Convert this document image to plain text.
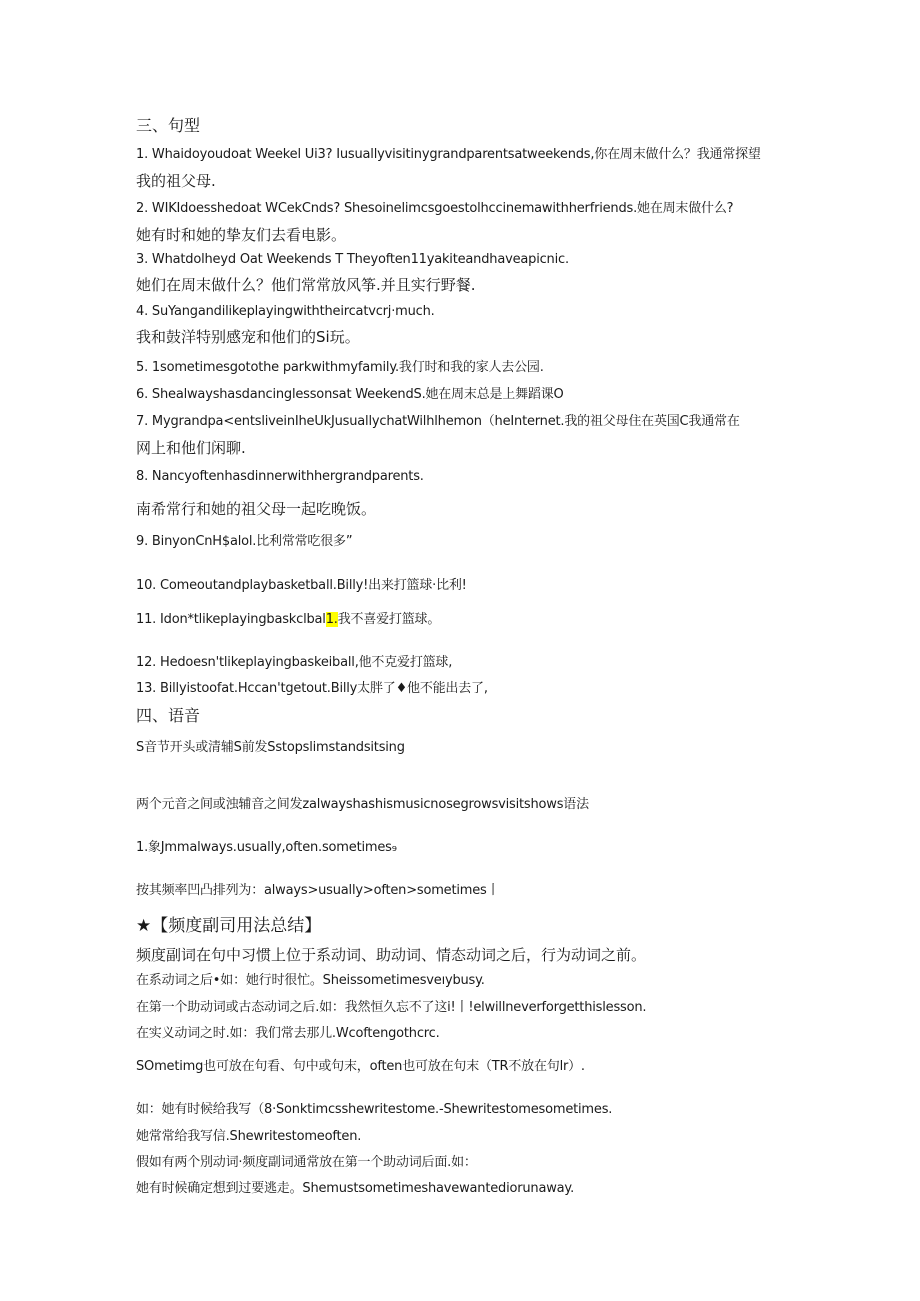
三、句型
1. Whaidoyoudoat Weekel Ui3? Iusuallyvisitinygrandparentsatweekends,你在周末做什么？我通常探望
我的祖父母.
2. WIKIdoesshedoat WCekCnds? Shesoinelimcsgoestolhccinemawithherfriends.她在周末做什么?
她有时和她的挚友们去看电影。
3. Whatdolheyd Oat Weekends T Theyoften11yakiteandhaveapicnic.
她们在周末做什么？他们常常放风筝.并且实行野餐.
4. SuYangandilikeplayingwiththeircatvcrj·much.
我和鼓洋特别感宠和他们的Si玩。
5. 1sometimesgotothe parkwithmyfamily.我仃时和我的家人去公园.
6. Shealwayshasdancinglessonsat WeekendS.她在周末总是上舞蹈课O
7. Mygrandpa<entsliveinIheUkJusuallychatWilhlhemon（heInternet.我的祖父母住在英国C我通常在
网上和他们闲聊.
8. Nancyoftenhasdinnerwithhergrandparents.
南希常行和她的祖父母一起吃晚饭。
9. BinyonCnH$alol.比利常常吃很多”
10. Comeoutandplaybasketball.Billy!出来打篮球·比利!
11. Idon*tlikeplayingbaskclbal1.我不喜爱打篮球。
12. Hedoesn'tlikeplayingbaskeiball,他不克爱打篮球,
13. Billyistoofat.Hccan'tgetout.Billy太胖了♦他不能出去了,
四、语音
S音节开头或清辅S前发Sstopslimstandsitsing
两个元音之间或浊辅音之间发zalwayshashismusicnosegrowsvisitshows语法
1.象Jmmalways.usually,often.sometimes₉
按其频率凹凸排列为：always>usually>often>sometimes丨
★【频度副司用法总结】
频度副词在句中习惯上位于系动词、助动词、情态动词之后，行为动词之前。
在系动词之后•如：她行时很忙。Sheissometimesveıybusy.
在第一个助动词或古态动词之后.如：我然恒久忘不了这i!丨!elwillneverforgetthislesson.
在实义动词之时.如：我们常去那儿.Wcoftengothcrc.
SOmetimg也可放在句看、句中或句末，often也可放在句末（TR不放在句lr）.
如：她有时候给我写（8·Sonktimcsshewritestome.-Shewritestomesometimes.
她常常给我写信.Shewritestomeoften.
假如有两个別动词·频度副词通常放在第一个助动词后面.如：
她有时候确定想到过要逃走。Shemustsometimeshavewantediorunaway.
